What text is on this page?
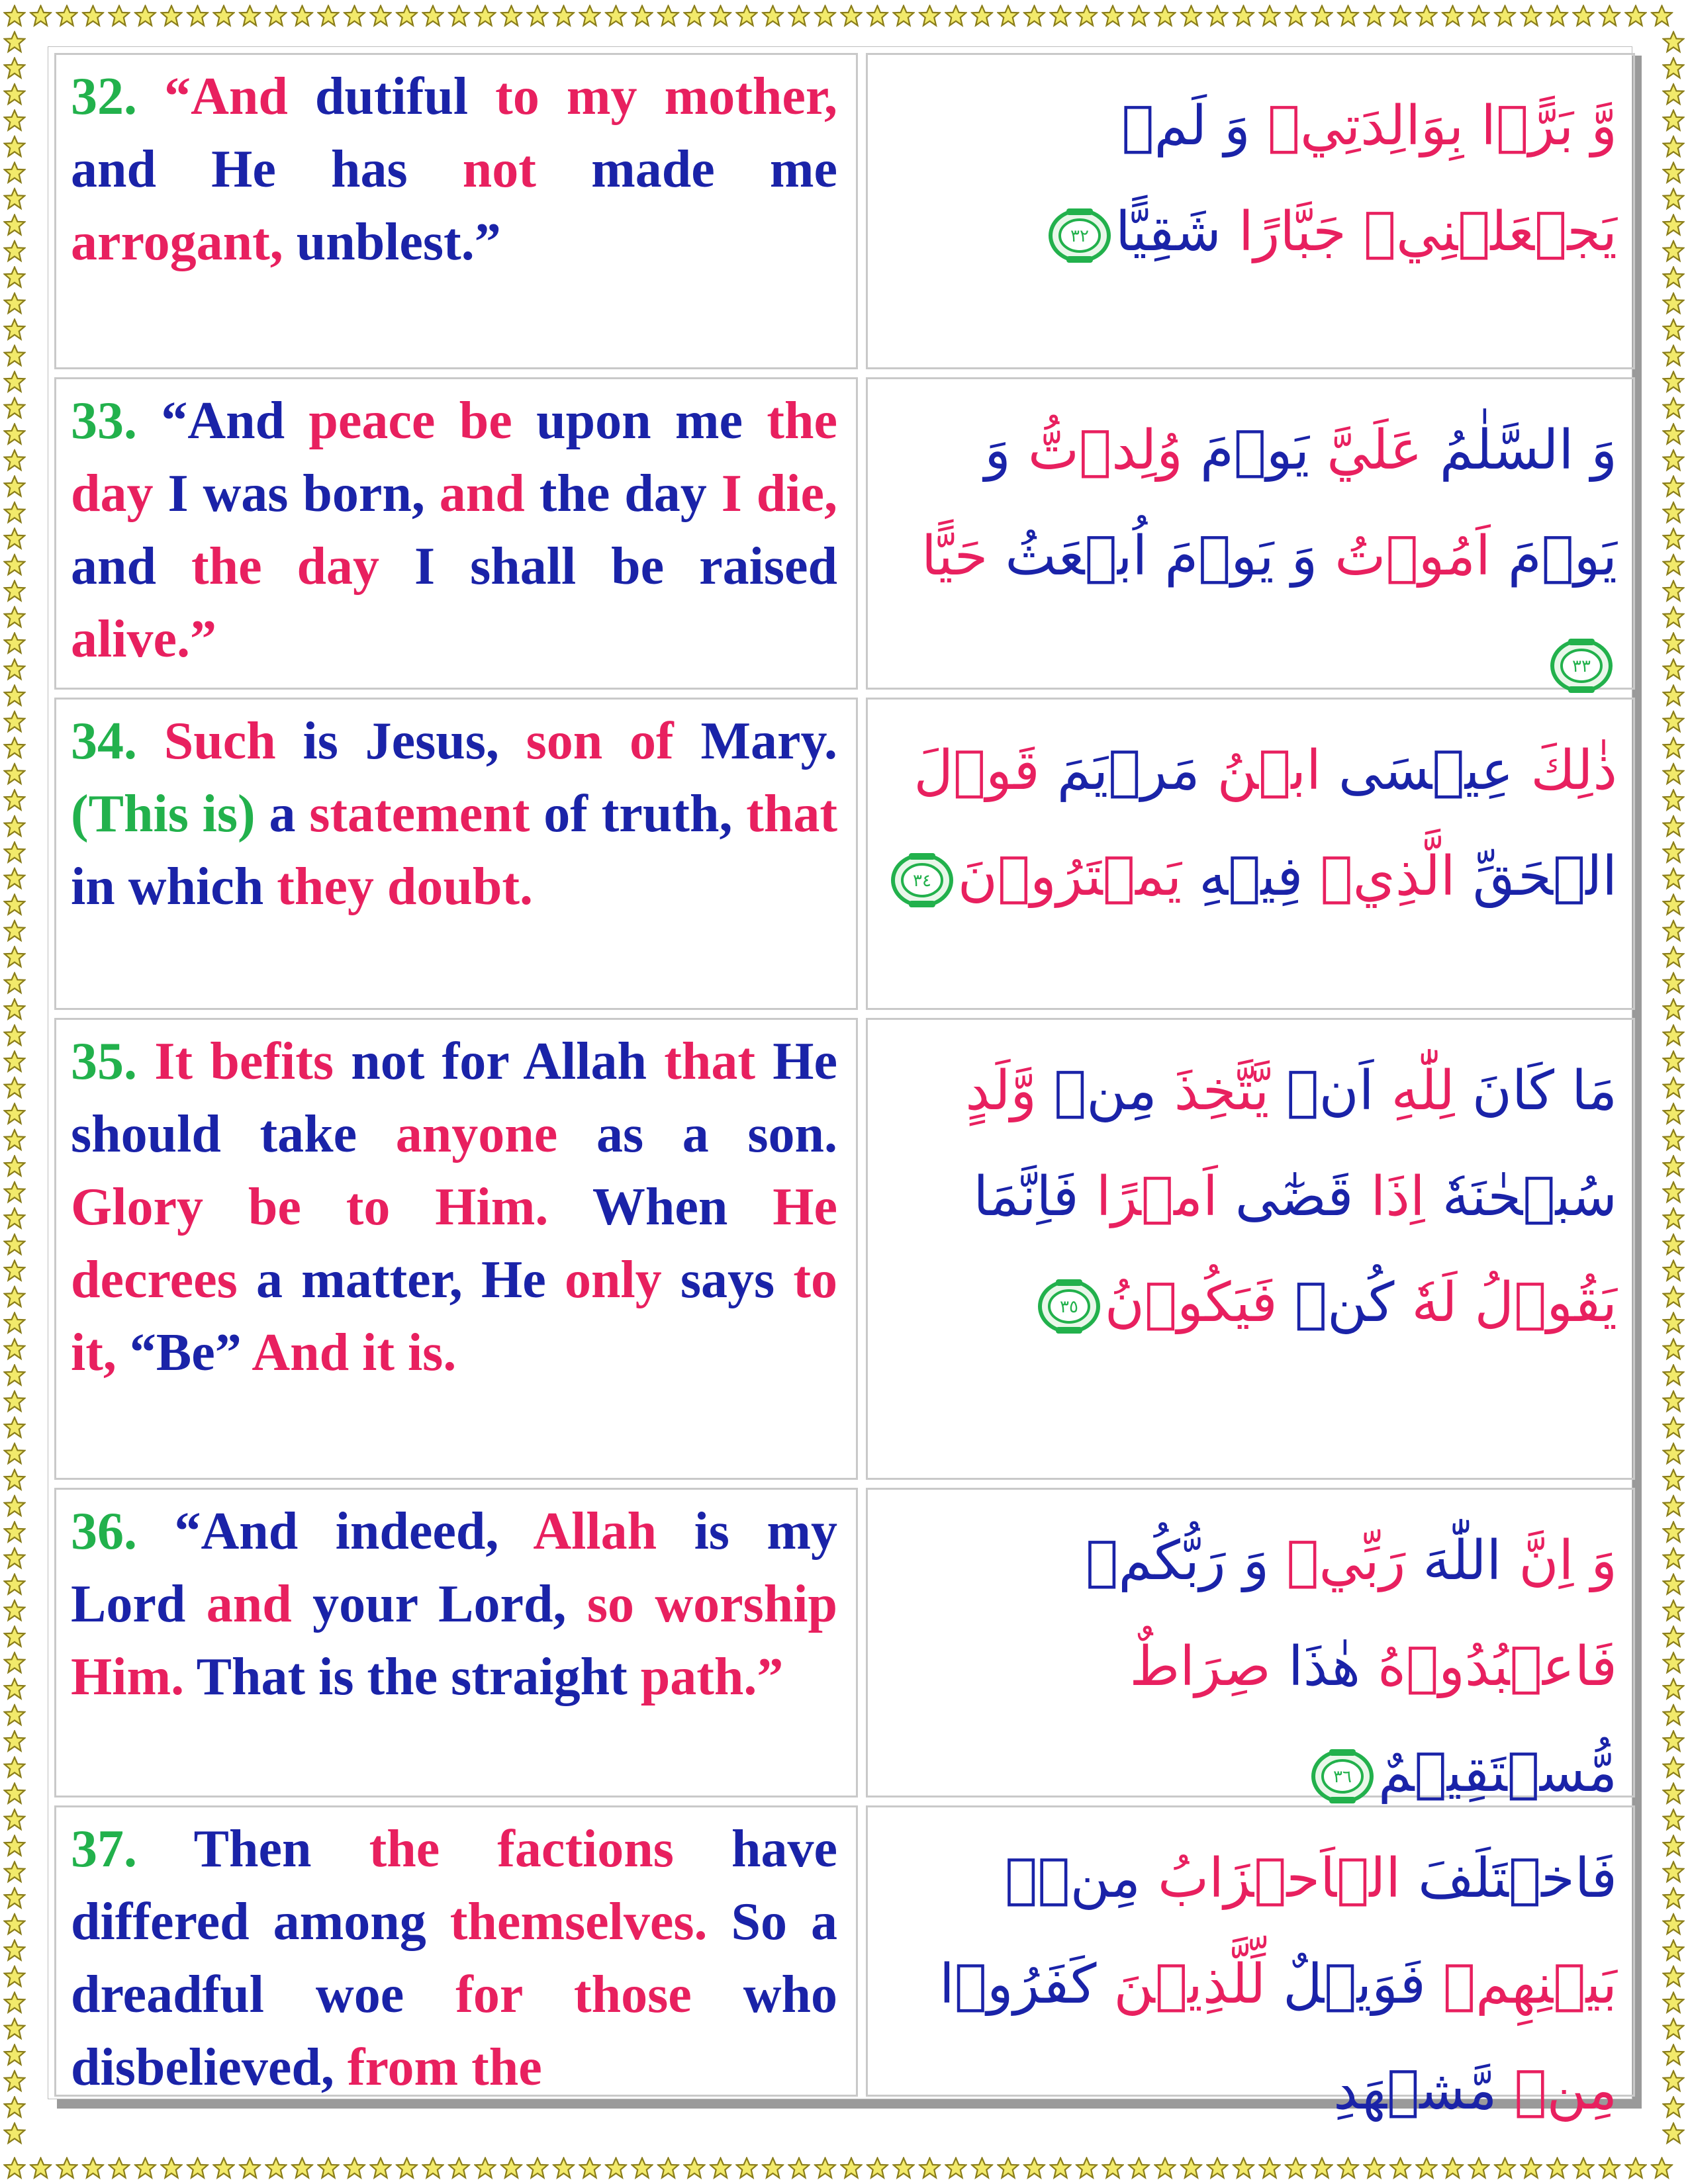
32. “And dutiful to my mother, and He has not made me arrogant, unblest.”
وَّ بَرًّۢا بِوَالِدَتِيۡ وَ لَمۡ يَجۡعَلۡنِيۡ جَبَّارًا شَقِيًّا
٣٢
33. “And peace be upon me the day I was born, and the day I die, and the day I shall be raised alive.”
وَ السَّلٰمُ عَلَيَّ يَوۡمَ وُلِدۡتُّ وَ يَوۡمَ اَمُوۡتُ وَ يَوۡمَ اُبۡعَثُ حَيًّا
٣٣
34. Such is Jesus, son of Mary. (This is) a statement of truth, that in which they doubt.
ذٰلِكَ عِيۡسَى ابۡنُ مَرۡيَمَ قَوۡلَ الۡحَقِّ الَّذِيۡ فِيۡهِ يَمۡتَرُوۡنَ
٣٤
35. It befits not for Allah that He should take anyone as a son. Glory be to Him. When He decrees a matter, He only says to it, “Be” And it is.
مَا كَانَ لِلّٰهِ اَنۡ يَّتَّخِذَ مِنۡ وَّلَدٍ سُبۡحٰنَهٗ اِذَا قَضٰٓى اَمۡرًا فَاِنَّمَا يَقُوۡلُ لَهٗ كُنۡ فَيَكُوۡنُ
٣٥
36. “And indeed, Allah is my Lord and your Lord, so worship Him. That is the straight path.”
وَ اِنَّ اللّٰهَ رَبِّيۡ وَ رَبُّكُمۡ فَاعۡبُدُوۡهُ هٰذَا صِرَاطٌ مُّسۡتَقِيۡمٌ
٣٦
37. Then the factions have differed among themselves. So a dreadful woe for those who disbelieved, from the
فَاخۡتَلَفَ الۡاَحۡزَابُ مِنۡۢ بَيۡنِهِمۡ فَوَيۡلٌ لِّلَّذِيۡنَ كَفَرُوۡا مِنۡ مَّشۡهَدِ
